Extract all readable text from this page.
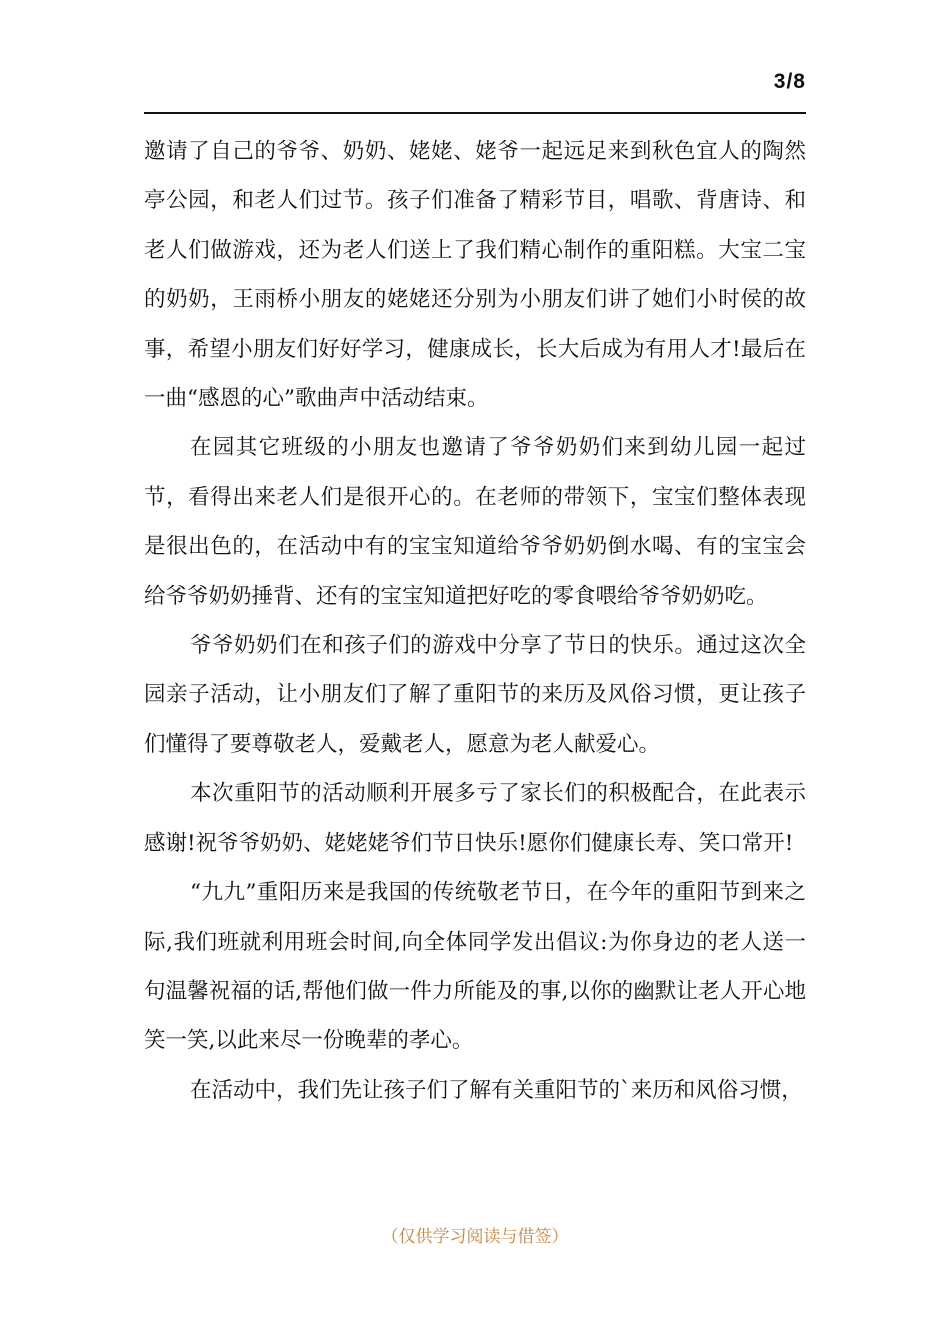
3/8

邀请了自己的爷爷、奶奶、姥姥、姥爷一起远足来到秋色宜人的陶然亭公园，和老人们过节。孩子们准备了精彩节目，唱歌、背唐诗、和老人们做游戏，还为老人们送上了我们精心制作的重阳糕。大宝二宝的奶奶，王雨桥小朋友的姥姥还分别为小朋友们讲了她们小时侯的故事，希望小朋友们好好学习，健康成长，长大后成为有用人才!最后在一曲“感恩的心”歌曲声中活动结束。

在园其它班级的小朋友也邀请了爷爷奶奶们来到幼儿园一起过节，看得出来老人们是很开心的。在老师的带领下，宝宝们整体表现是很出色的，在活动中有的宝宝知道给爷爷奶奶倒水喝、有的宝宝会给爷爷奶奶捶背、还有的宝宝知道把好吃的零食喂给爷爷奶奶吃。

爷爷奶奶们在和孩子们的游戏中分享了节日的快乐。通过这次全园亲子活动，让小朋友们了解了重阳节的来历及风俗习惯，更让孩子们懂得了要尊敬老人，爱戴老人，愿意为老人献爱心。

本次重阳节的活动顺利开展多亏了家长们的积极配合，在此表示感谢!祝爷爷奶奶、姥姥姥爷们节日快乐!愿你们健康长寿、笑口常开!

“九九”重阳历来是我国的传统敬老节日，在今年的重阳节到来之际,我们班就利用班会时间,向全体同学发出倡议:为你身边的老人送一句温馨祝福的话,帮他们做一件力所能及的事,以你的幽默让老人开心地笑一笑,以此来尽一份晚辈的孝心。

在活动中，我们先让孩子们了解有关重阳节的`来历和风俗习惯，

（仅供学习阅读与借签）
